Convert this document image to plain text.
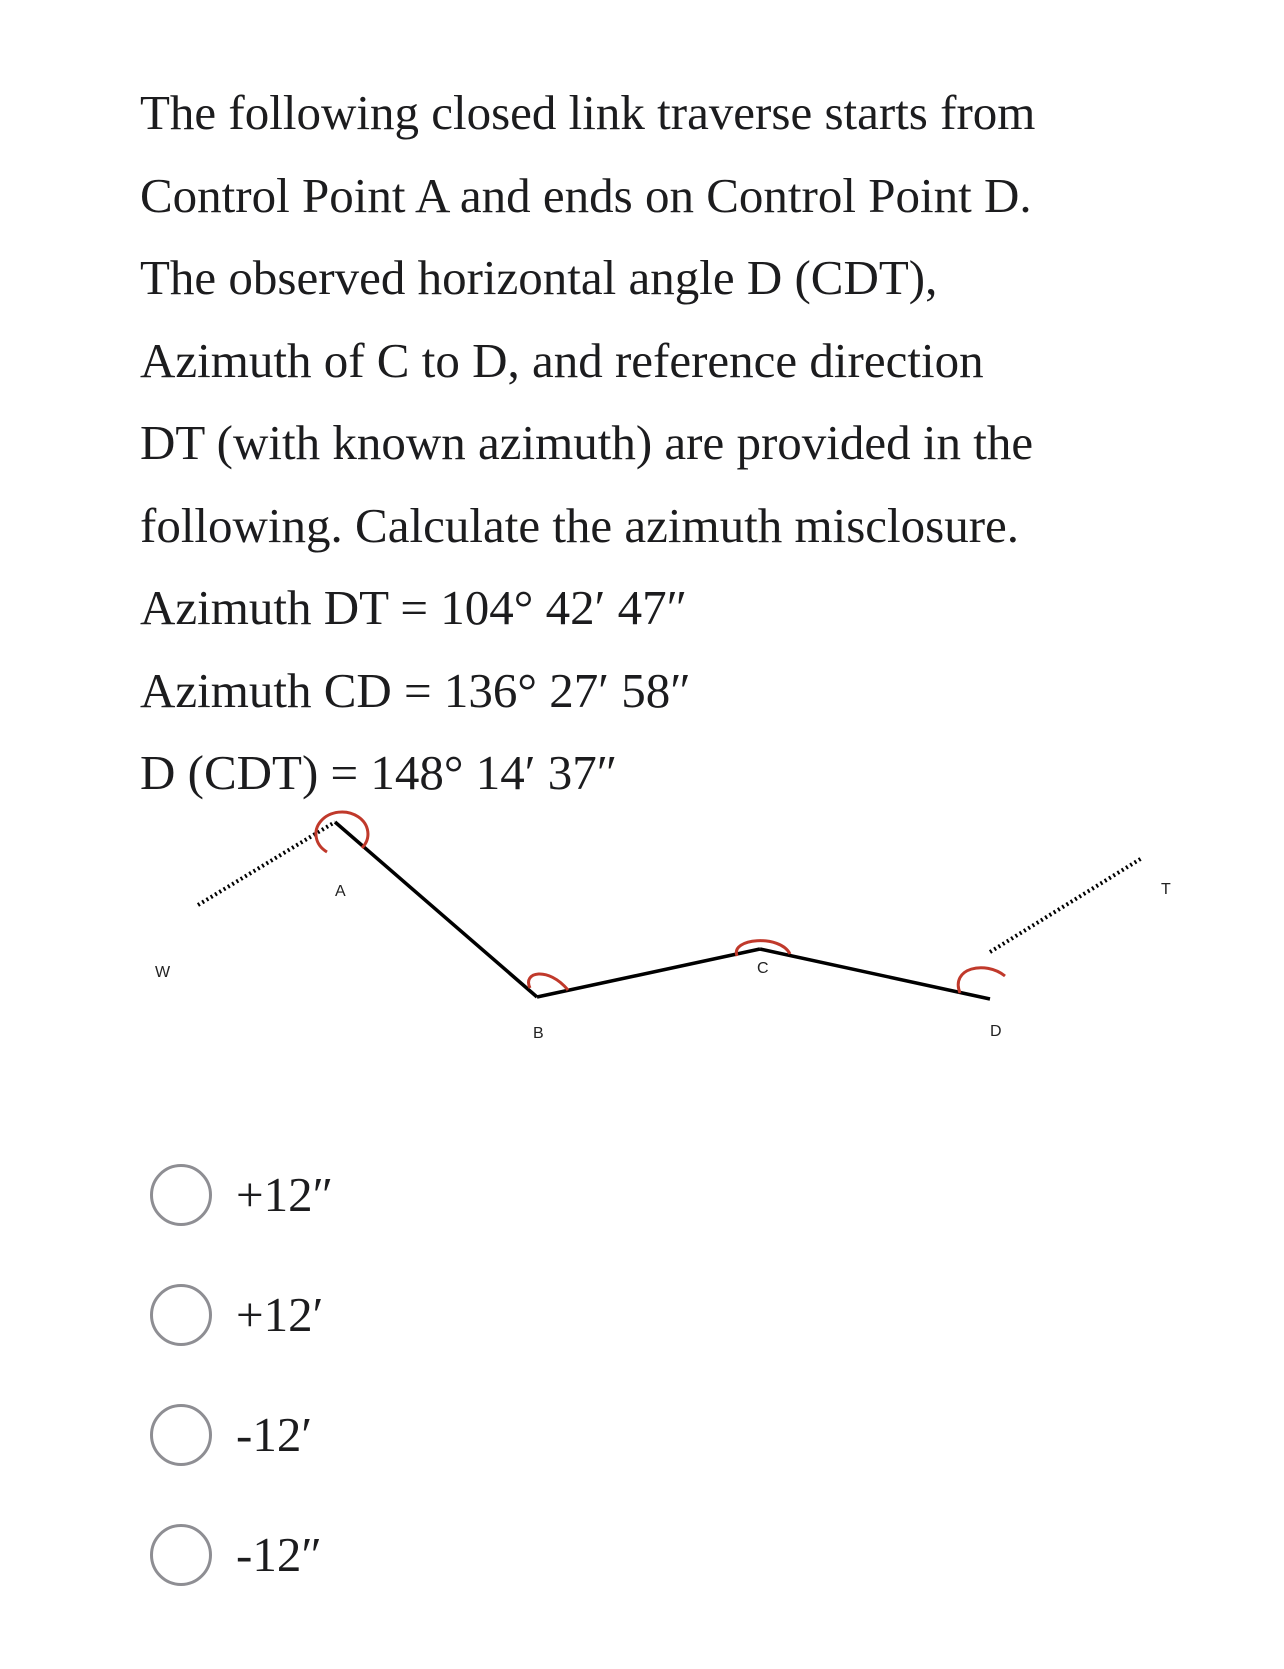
The following closed link traverse starts from
Control Point A and ends on Control Point D.
The observed horizontal angle D (CDT),
Azimuth of C to D, and reference direction
DT (with known azimuth) are provided in the
following. Calculate the azimuth misclosure.

Azimuth DT = 104° 42′ 47″
Azimuth CD = 136° 27′ 58″
D (CDT) = 148° 14′ 37″

W
A
B
C
D
T
+12″
+12′
-12′
-12″
